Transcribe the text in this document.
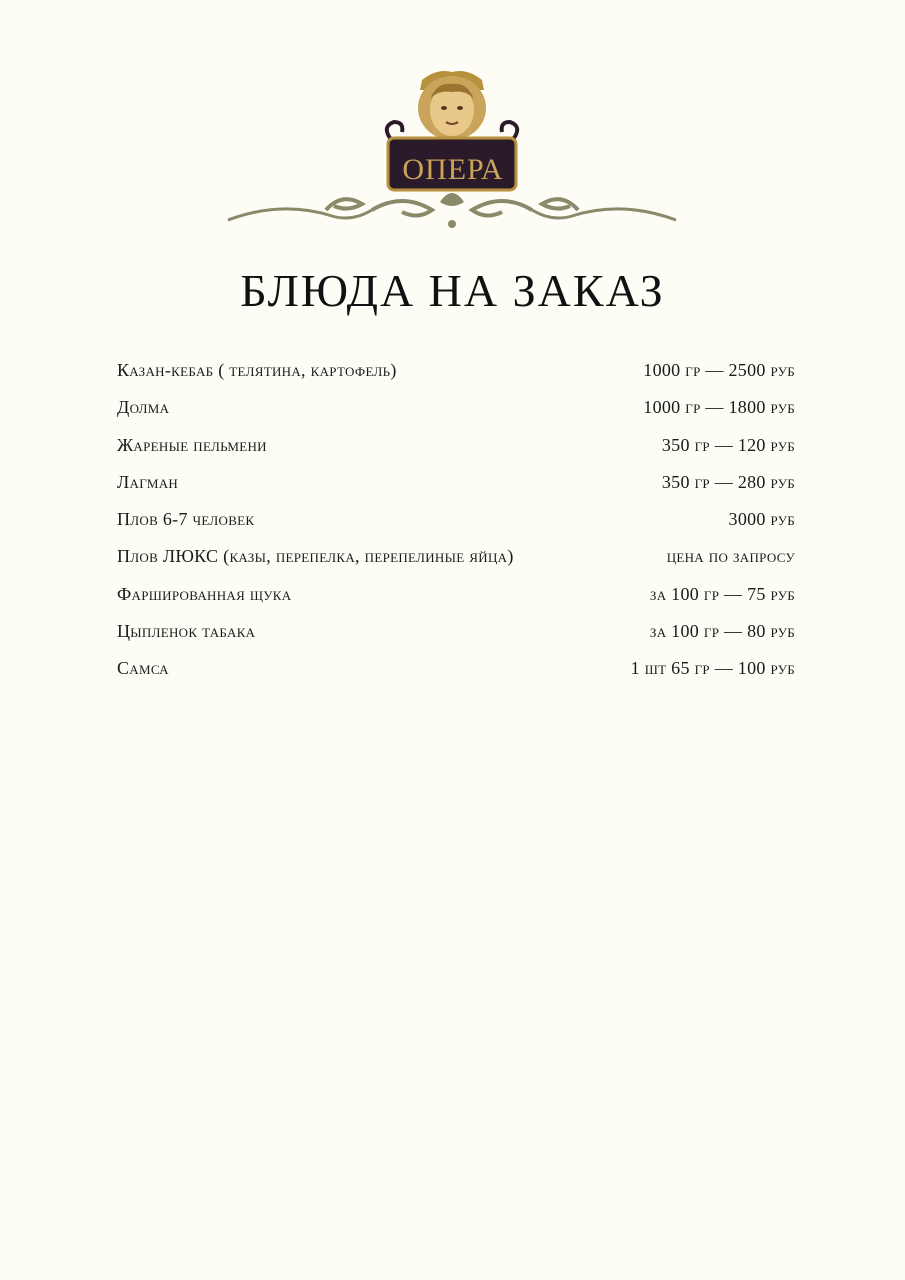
ОПЕРА
БЛЮДА НА ЗАКАЗ
Казан-кебаб ( телятина, картофель)	1000 гр — 2500 руб
Долма	1000 гр — 1800 руб
Жареные пельмени	350 гр — 120 руб
Лагман	350 гр — 280 руб
Плов 6-7 человек	3000 руб
Плов ЛЮКС (казы, перепелка, перепелиные яйца)	цена по запросу
Фаршированная щука	за 100 гр — 75 руб
Цыпленок табака	за 100 гр — 80 руб
Самса	1 шт 65 гр — 100 руб
